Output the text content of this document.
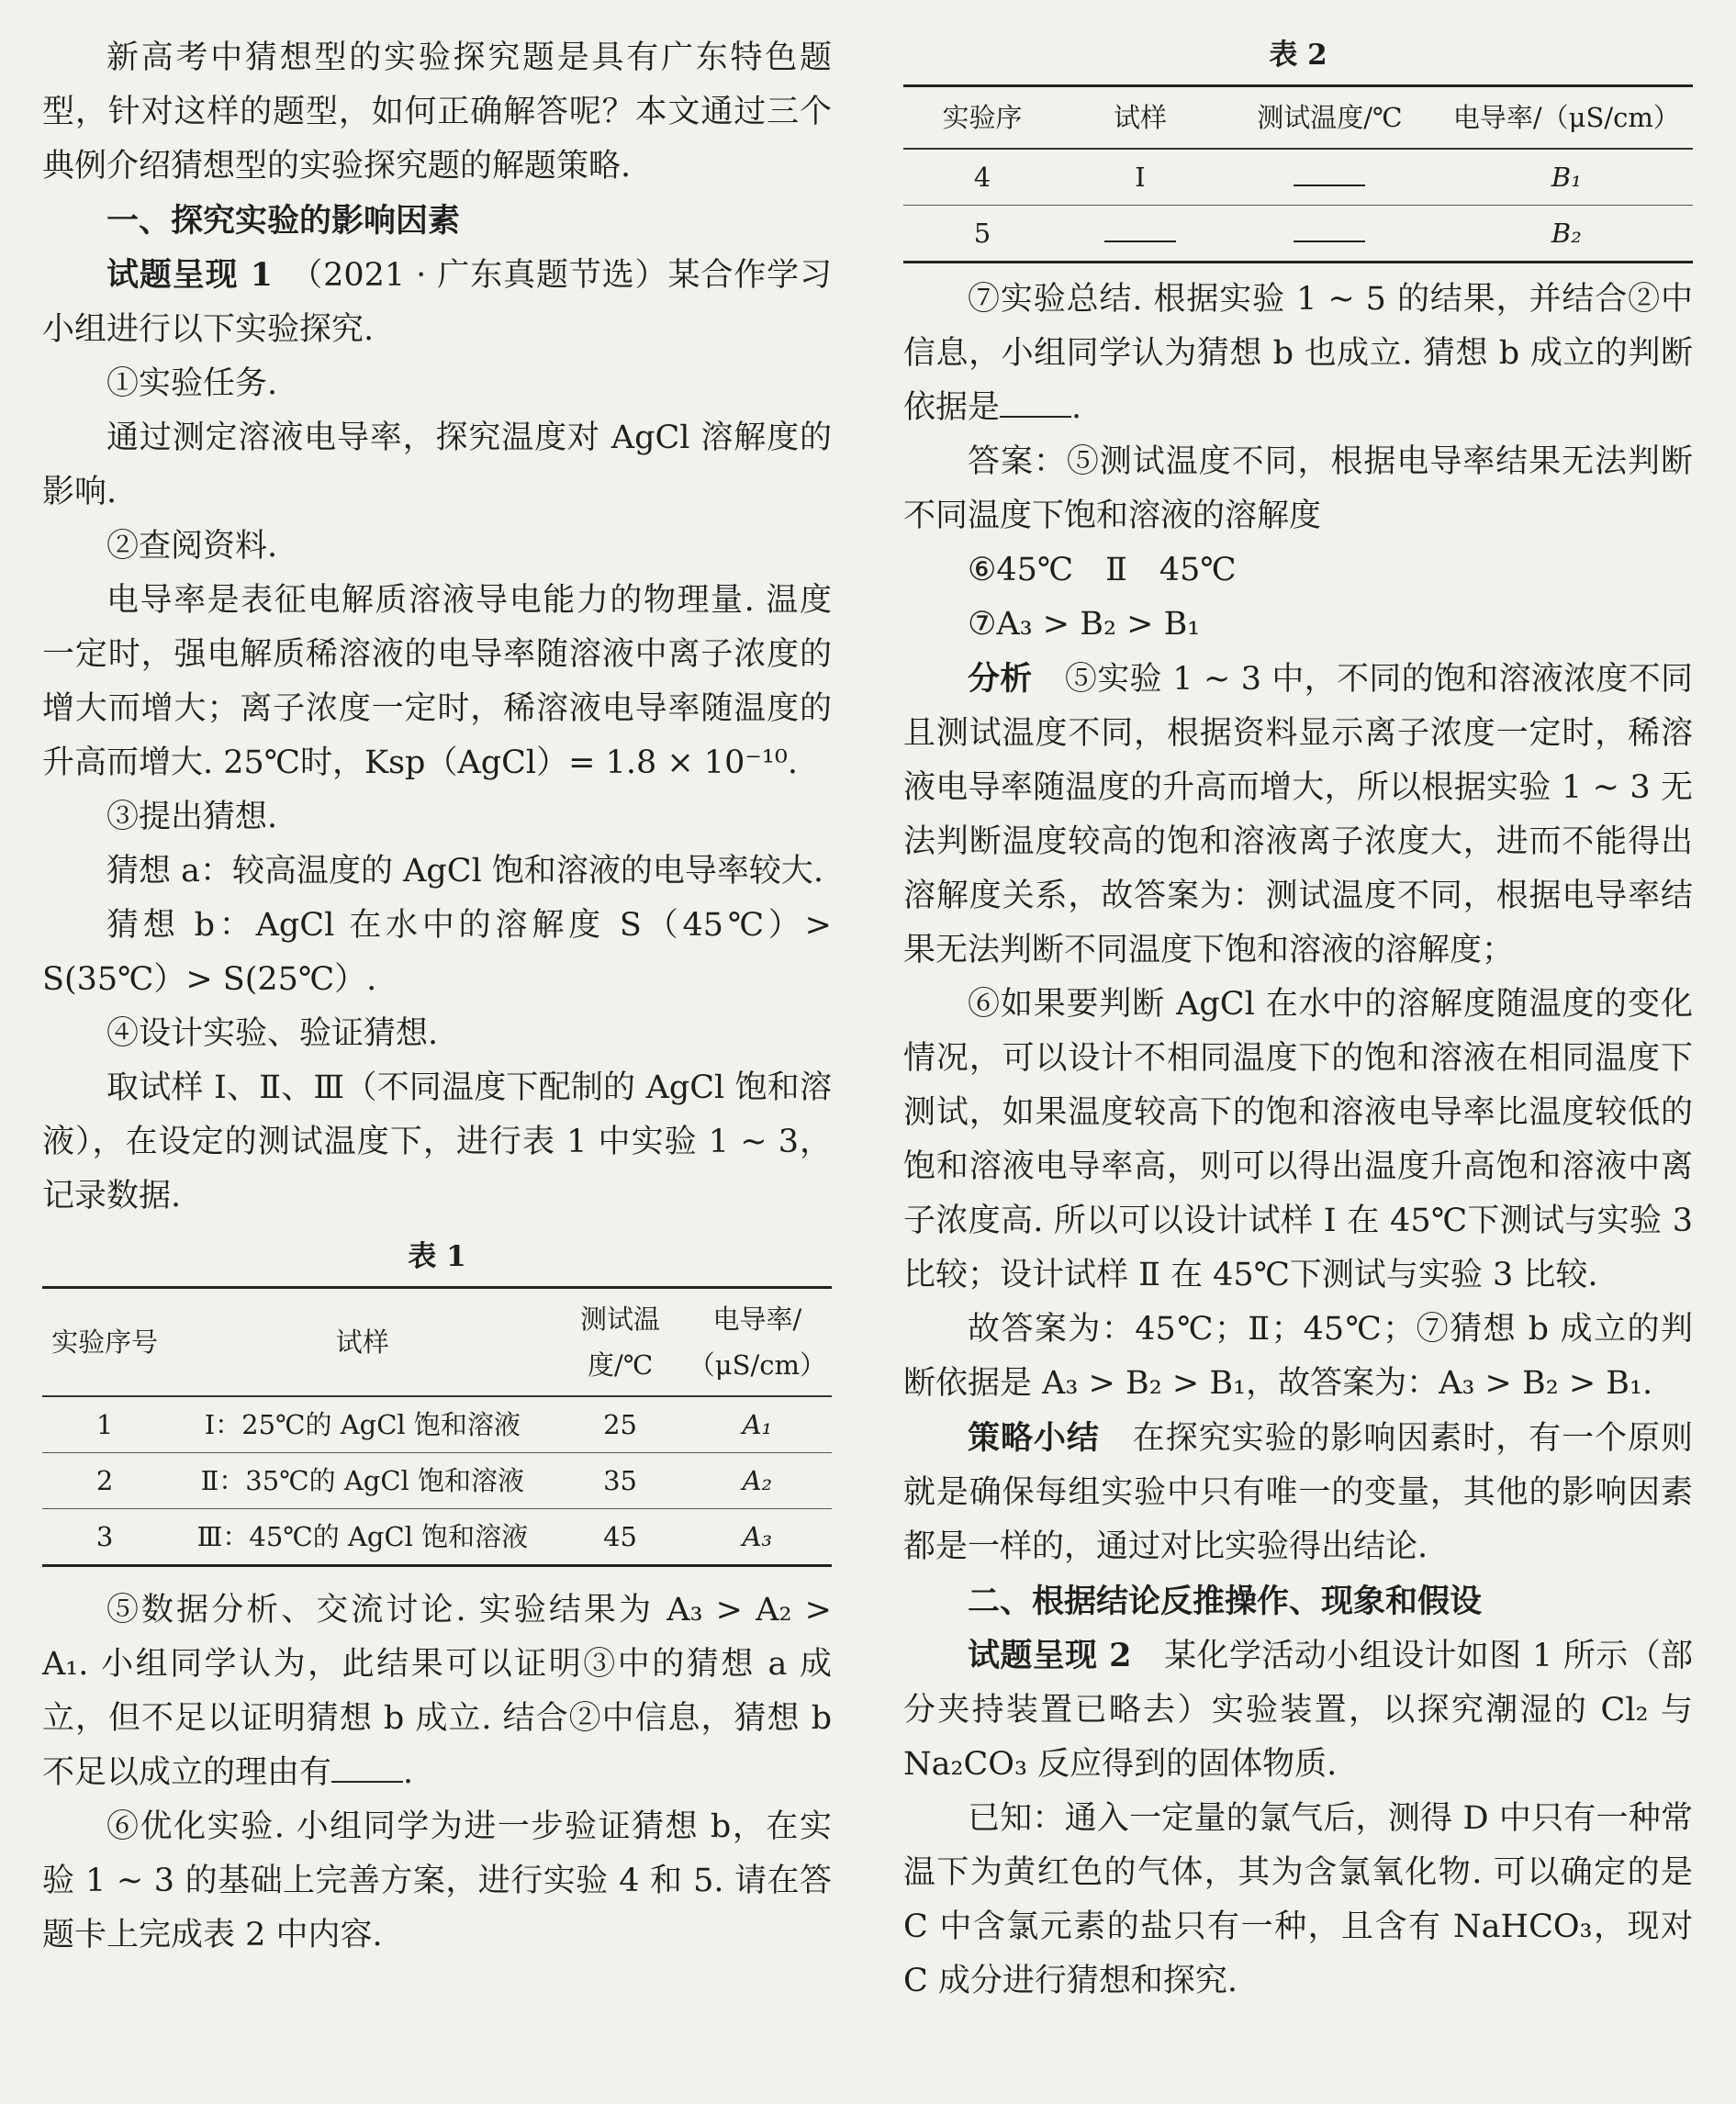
新高考中猜想型的实验探究题是具有广东特色题型，针对这样的题型，如何正确解答呢？本文通过三个典例介绍猜想型的实验探究题的解题策略.

一、探究实验的影响因素

试题呈现 1　 （2021 · 广东真题节选）某合作学习小组进行以下实验探究.

①实验任务.

通过测定溶液电导率，探究温度对 AgCl 溶解度的影响.

②查阅资料.

电导率是表征电解质溶液导电能力的物理量. 温度一定时，强电解质稀溶液的电导率随溶液中离子浓度的增大而增大；离子浓度一定时，稀溶液电导率随温度的升高而增大. 25℃时，Ksp（AgCl）= 1.8 × 10⁻¹⁰.

③提出猜想.

猜想 a：较高温度的 AgCl 饱和溶液的电导率较大.

猜想 b：AgCl 在水中的溶解度 S（45℃）> S(35℃）> S(25℃）.

④设计实验、验证猜想.

取试样 Ⅰ、Ⅱ、Ⅲ（不同温度下配制的 AgCl 饱和溶液），在设定的测试温度下，进行表 1 中实验 1 ~ 3，记录数据.

表 1
实验序号	试样	测试温度/℃	电导率/（μS/cm）
1	Ⅰ：25℃的 AgCl 饱和溶液	25	A₁
2	Ⅱ：35℃的 AgCl 饱和溶液	35	A₂
3	Ⅲ：45℃的 AgCl 饱和溶液	45	A₃

⑤数据分析、交流讨论. 实验结果为 A₃ > A₂ > A₁. 小组同学认为，此结果可以证明③中的猜想 a 成立，但不足以证明猜想 b 成立. 结合②中信息，猜想 b 不足以成立的理由有 .

⑥优化实验. 小组同学为进一步验证猜想 b，在实验 1 ~ 3 的基础上完善方案，进行实验 4 和 5. 请在答题卡上完成表 2 中内容.

表 2
实验序	试样	测试温度/℃	电导率/（μS/cm）
4	Ⅰ		B₁
5			B₂

⑦实验总结. 根据实验 1 ~ 5 的结果，并结合②中信息，小组同学认为猜想 b 也成立. 猜想 b 成立的判断依据是 .

答案：⑤测试温度不同，根据电导率结果无法判断不同温度下饱和溶液的溶解度

⑥45℃　Ⅱ　45℃

⑦A₃ > B₂ > B₁

分析　 ⑤实验 1 ~ 3 中，不同的饱和溶液浓度不同且测试温度不同，根据资料显示离子浓度一定时，稀溶液电导率随温度的升高而增大，所以根据实验 1 ~ 3 无法判断温度较高的饱和溶液离子浓度大，进而不能得出溶解度关系，故答案为：测试温度不同，根据电导率结果无法判断不同温度下饱和溶液的溶解度；

⑥如果要判断 AgCl 在水中的溶解度随温度的变化情况，可以设计不相同温度下的饱和溶液在相同温度下测试，如果温度较高下的饱和溶液电导率比温度较低的饱和溶液电导率高，则可以得出温度升高饱和溶液中离子浓度高. 所以可以设计试样 Ⅰ 在 45℃下测试与实验 3 比较；设计试样 Ⅱ 在 45℃下测试与实验 3 比较.

故答案为：45℃；Ⅱ；45℃；⑦猜想 b 成立的判断依据是 A₃ > B₂ > B₁，故答案为：A₃ > B₂ > B₁.

策略小结　 在探究实验的影响因素时，有一个原则就是确保每组实验中只有唯一的变量，其他的影响因素都是一样的，通过对比实验得出结论.

二、根据结论反推操作、现象和假设

试题呈现 2　 某化学活动小组设计如图 1 所示（部分夹持装置已略去）实验装置，以探究潮湿的 Cl₂ 与 Na₂CO₃ 反应得到的固体物质.

已知：通入一定量的氯气后，测得 D 中只有一种常温下为黄红色的气体，其为含氯氧化物. 可以确定的是 C 中含氯元素的盐只有一种，且含有 NaHCO₃，现对 C 成分进行猜想和探究.
